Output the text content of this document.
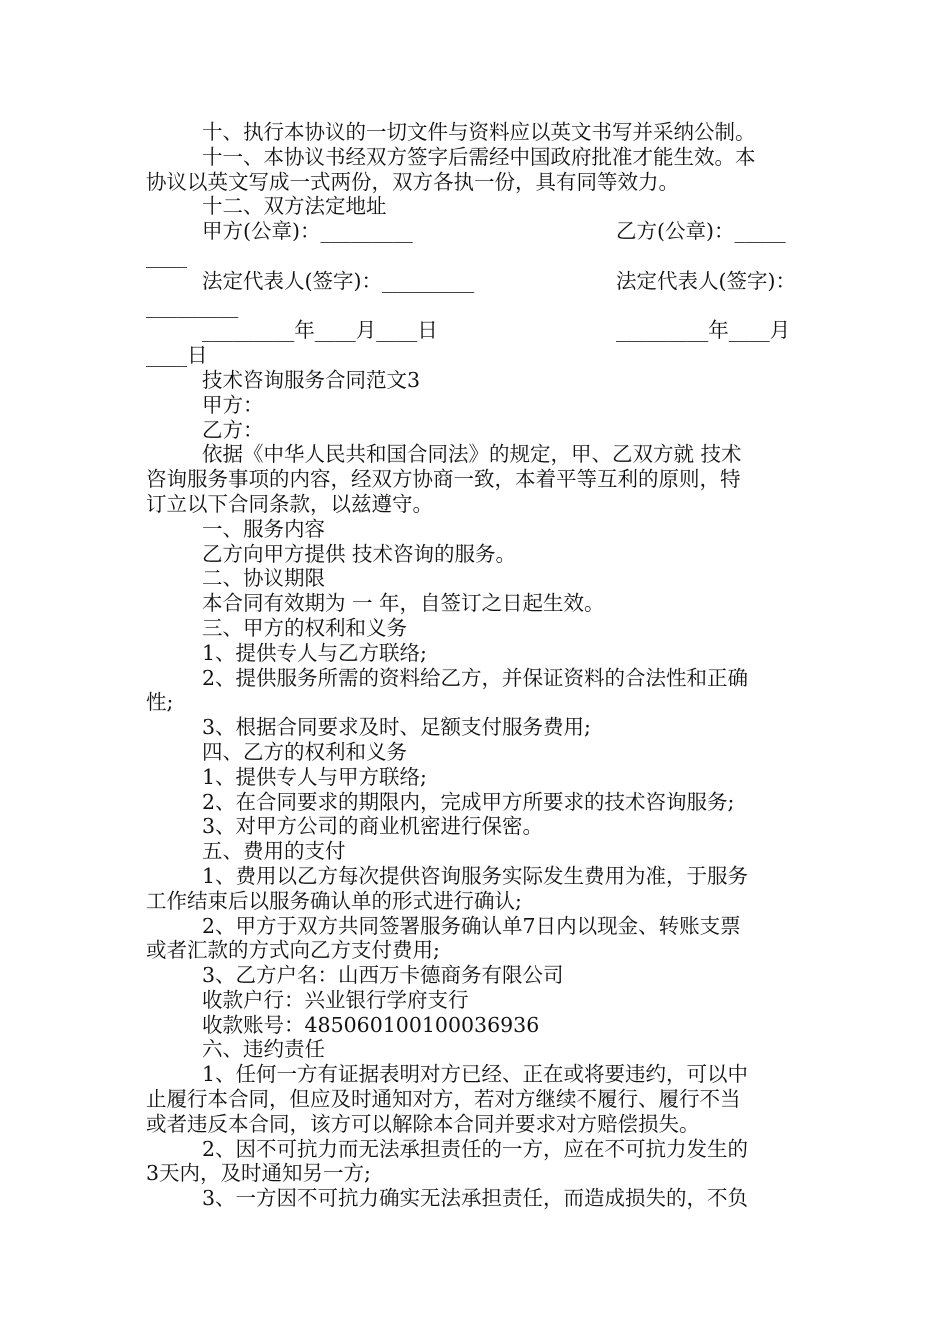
十、执行本协议的一切文件与资料应以英文书写并采纳公制。
十一、本协议书经双方签字后需经中国政府批准才能生效。本
协议以英文写成一式两份，双方各执一份，具有同等效力。
十二、双方法定地址
甲方(公章)：_________	乙方(公章)：_____
____
法定代表人(签字)：_________	法定代表人(签字)：
_________
_________年____月____日	_________年____月
____日
技术咨询服务合同范文3
甲方：
乙方：
依据《中华人民共和国合同法》的规定，甲、乙双方就 技术
咨询服务事项的内容，经双方协商一致，本着平等互利的原则，特
订立以下合同条款，以兹遵守。
一、服务内容
乙方向甲方提供 技术咨询的服务。
二、协议期限
本合同有效期为 一 年，自签订之日起生效。
三、甲方的权利和义务
1、提供专人与乙方联络;
2、提供服务所需的资料给乙方，并保证资料的合法性和正确
性;
3、根据合同要求及时、足额支付服务费用;
四、乙方的权利和义务
1、提供专人与甲方联络;
2、在合同要求的期限内，完成甲方所要求的技术咨询服务;
3、对甲方公司的商业机密进行保密。
五、费用的支付
1、费用以乙方每次提供咨询服务实际发生费用为准，于服务
工作结束后以服务确认单的形式进行确认;
2、甲方于双方共同签署服务确认单7日内以现金、转账支票
或者汇款的方式向乙方支付费用;
3、乙方户名：山西万卡德商务有限公司
收款户行：兴业银行学府支行
收款账号：485060100100036936
六、违约责任
1、任何一方有证据表明对方已经、正在或将要违约，可以中
止履行本合同，但应及时通知对方，若对方继续不履行、履行不当
或者违反本合同，该方可以解除本合同并要求对方赔偿损失。
2、因不可抗力而无法承担责任的一方，应在不可抗力发生的
3天内，及时通知另一方;
3、一方因不可抗力确实无法承担责任，而造成损失的，不负
